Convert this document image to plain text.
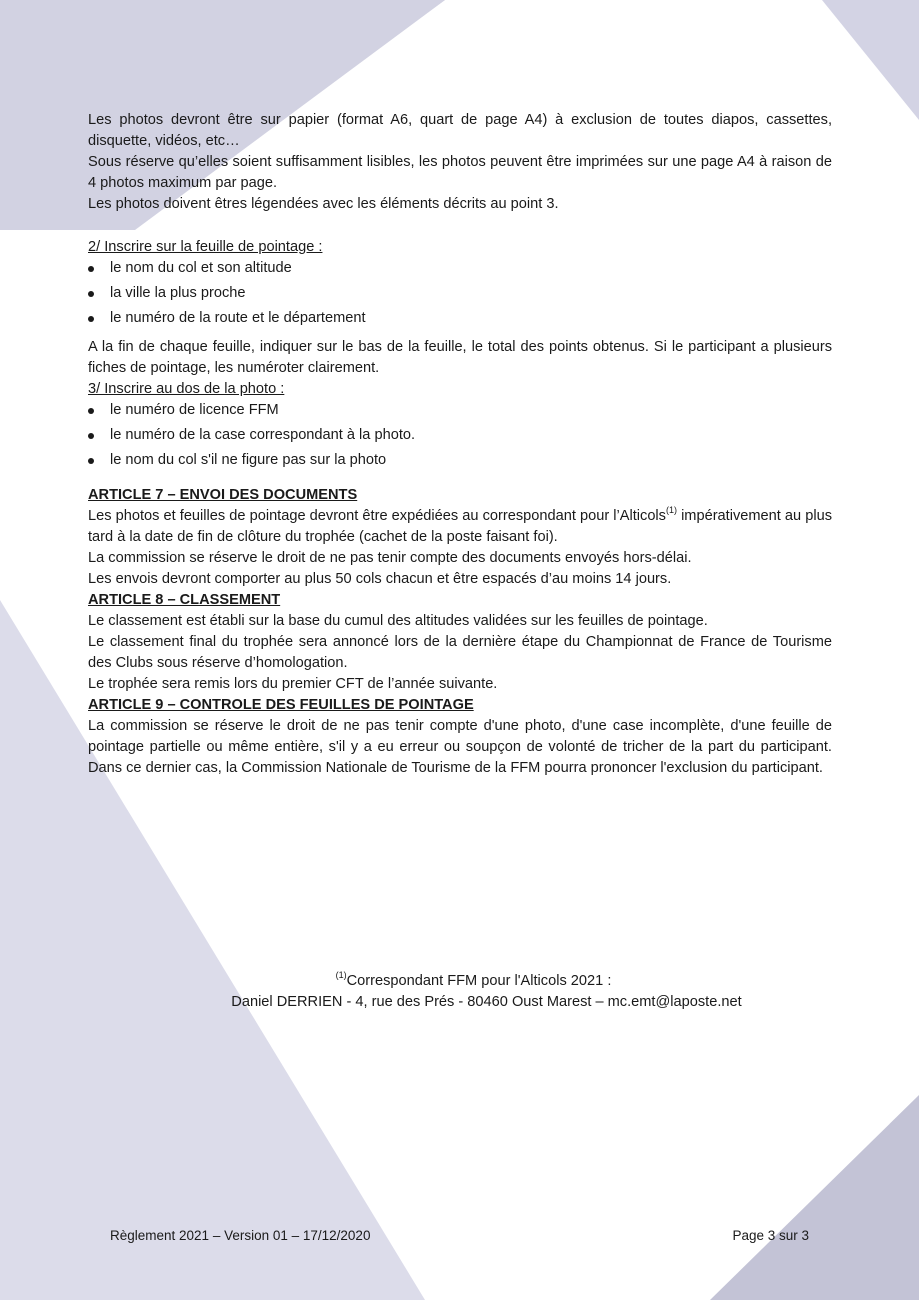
Les photos devront être sur papier (format A6, quart de page A4) à exclusion de toutes diapos, cassettes, disquette, vidéos, etc…

Sous réserve qu’elles soient suffisamment lisibles, les photos peuvent être imprimées sur une page A4 à raison de 4 photos maximum par page.

Les photos doivent êtres légendées avec les éléments décrits au point 3.

2/ Inscrire sur la feuille de pointage :

le nom du col et son altitude
la ville la plus proche
le numéro de la route et le département

A la fin de chaque feuille, indiquer sur le bas de la feuille, le total des points obtenus. Si le participant a plusieurs fiches de pointage, les numéroter clairement.

3/ Inscrire au dos de la photo :

le numéro de licence FFM
le numéro de la case correspondant à la photo.
le nom du col s'il ne figure pas sur la photo

ARTICLE 7 – ENVOI DES DOCUMENTS

Les photos et feuilles de pointage devront être expédiées au correspondant pour l’Alticols$^{(1)}$ impérativement au plus tard à la date de fin de clôture du trophée (cachet de la poste faisant foi).

La commission se réserve le droit de ne pas tenir compte des documents envoyés hors-délai.

Les envois devront comporter au plus 50 cols chacun et être espacés d’au moins 14 jours.

ARTICLE 8 – CLASSEMENT

Le classement est établi sur la base du cumul des altitudes validées sur les feuilles de pointage.

Le classement final du trophée sera annoncé lors de la dernière étape du Championnat de France de Tourisme des Clubs sous réserve d’homologation.

Le trophée sera remis lors du premier CFT de l’année suivante.

ARTICLE 9 – CONTROLE DES FEUILLES DE POINTAGE

La commission se réserve le droit de ne pas tenir compte d'une photo, d'une case incomplète, d'une feuille de pointage partielle ou même entière, s'il y a eu erreur ou soupçon de volonté de tricher de la part du participant. Dans ce dernier cas, la Commission Nationale de Tourisme de la FFM pourra prononcer l'exclusion du participant.

$^{(1)}$Correspondant FFM pour l'Alticols 2021 :
Daniel DERRIEN - 4, rue des Prés - 80460 Oust Marest – mc.emt@laposte.net
Règlement 2021 – Version 01 – 17/12/2020	Page 3 sur 3
